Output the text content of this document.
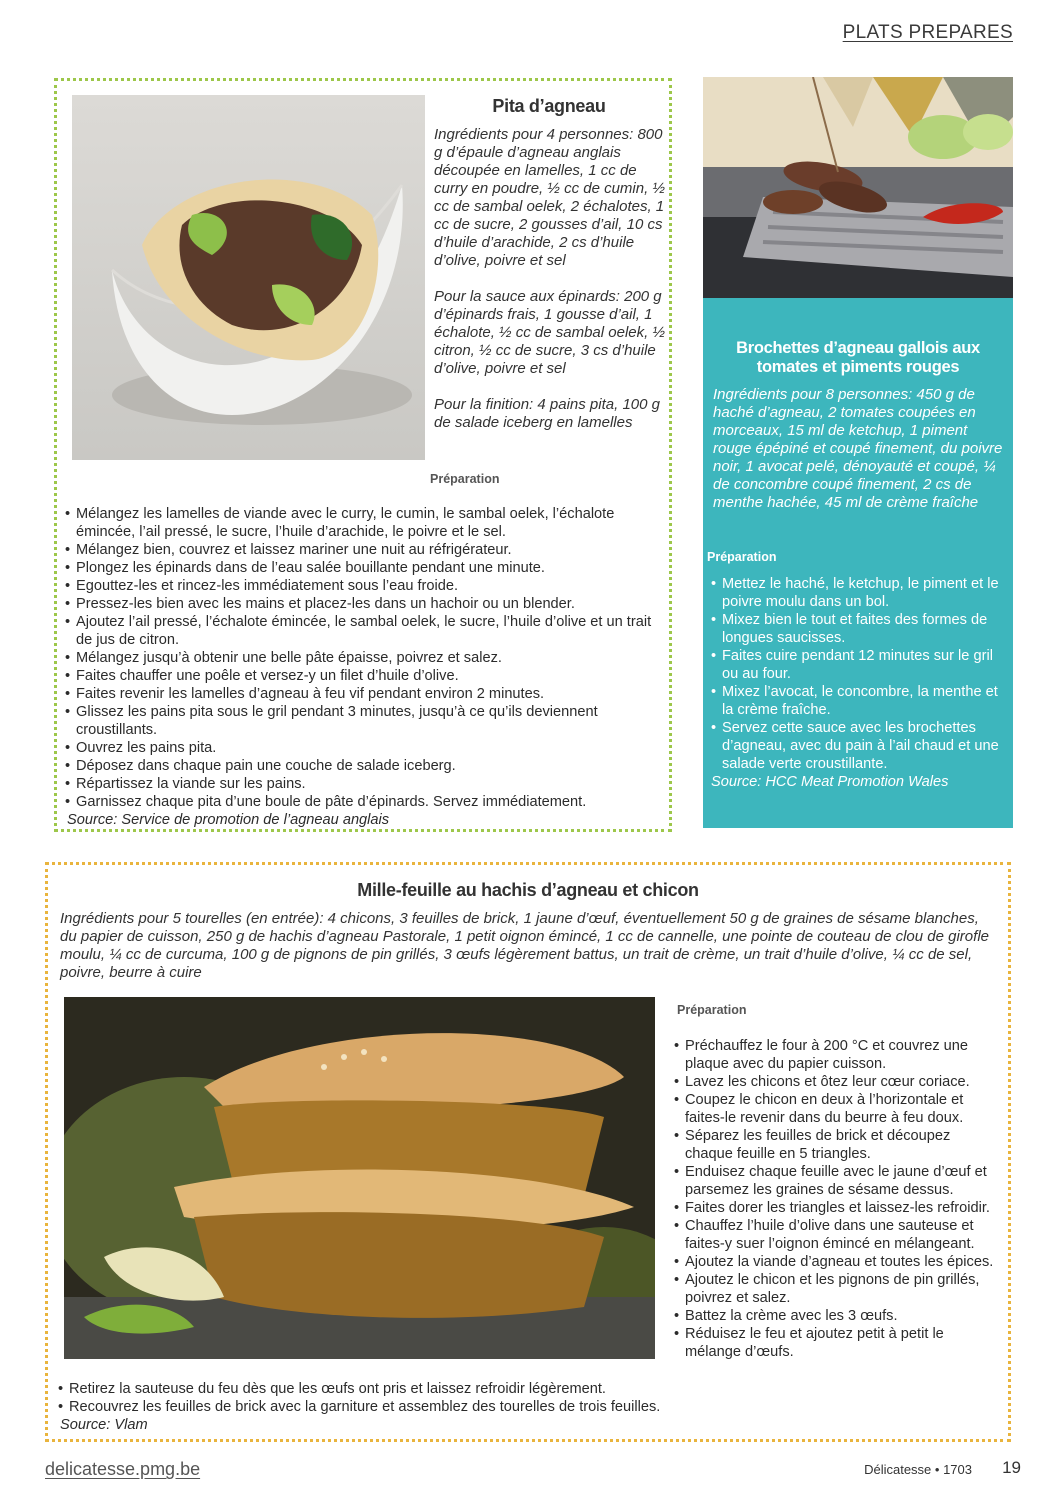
PLATS PREPARES
Pita d’agneau

Ingrédients pour 4 personnes: 800 g d’épaule d’agneau anglais découpée en lamelles, 1 cc de curry en poudre, ½ cc de cumin, ½ cc de sambal oelek, 2 échalotes, 1 cc de sucre, 2 gousses d’ail, 10 cs d’huile d’arachide, 2 cs d’huile d’olive, poivre et sel

Pour la sauce aux épinards: 200 g d’épinards frais, 1 gousse d’ail, 1 échalote, ½ cc de sambal oelek, ½ citron, ½ cc de sucre, 3 cs d’huile d’olive, poivre et sel

Pour la finition: 4 pains pita, 100 g de salade iceberg en lamelles

Préparation
• Mélangez les lamelles de viande avec le curry, le cumin, le sambal oelek, l’échalote émincée, l’ail pressé, le sucre, l’huile d’arachide, le poivre et le sel.
• Mélangez bien, couvrez et laissez mariner une nuit au réfrigérateur.
• Plongez les épinards dans de l’eau salée bouillante pendant une minute.
• Egouttez-les et rincez-les immédiatement sous l’eau froide.
• Pressez-les bien avec les mains et placez-les dans un hachoir ou un blender.
• Ajoutez l’ail pressé, l’échalote émincée, le sambal oelek, le sucre, l’huile d’olive et un trait de jus de citron.
• Mélangez jusqu’à obtenir une belle pâte épaisse, poivrez et salez.
• Faites chauffer une poêle et versez-y un filet d’huile d’olive.
• Faites revenir les lamelles d’agneau à feu vif pendant environ 2 minutes.
• Glissez les pains pita sous le gril pendant 3 minutes, jusqu’à ce qu’ils deviennent croustillants.
• Ouvrez les pains pita.
• Déposez dans chaque pain une couche de salade iceberg.
• Répartissez la viande sur les pains.
• Garnissez chaque pita d’une boule de pâte d’épinards. Servez immédiatement.
Source: Service de promotion de l’agneau anglais
Brochettes d’agneau gallois aux tomates et piments rouges
Ingrédients pour 8 personnes: 450 g de haché d’agneau, 2 tomates coupées en morceaux, 15 ml de ketchup, 1 piment rouge épépiné et coupé finement, du poivre noir, 1 avocat pelé, dénoyauté et coupé, ¼ de concombre coupé finement, 2 cs de menthe hachée, 45 ml de crème fraîche
Préparation
• Mettez le haché, le ketchup, le piment et le poivre moulu dans un bol.
• Mixez bien le tout et faites des formes de longues saucisses.
• Faites cuire pendant 12 minutes sur le gril ou au four.
• Mixez l’avocat, le concombre, la menthe et la crème fraîche.
• Servez cette sauce avec les brochettes d’agneau, avec du pain à l’ail chaud et une salade verte croustillante.
Source: HCC Meat Promotion Wales
Mille-feuille au hachis d’agneau et chicon
Ingrédients pour 5 tourelles (en entrée): 4 chicons, 3 feuilles de brick, 1 jaune d’œuf, éventuellement 50 g de graines de sésame blanches, du papier de cuisson, 250 g de hachis d’agneau Pastorale, 1 petit oignon émincé, 1 cc de cannelle, une pointe de couteau de clou de girofle moulu, ¼ cc de curcuma, 100 g de pignons de pin grillés, 3 œufs légèrement battus, un trait de crème, un trait d’huile d’olive, ¼ cc de sel, poivre, beurre à cuire
Préparation
• Préchauffez le four à 200 °C et couvrez une plaque avec du papier cuisson.
• Lavez les chicons et ôtez leur cœur coriace.
• Coupez le chicon en deux à l’horizontale et faites-le revenir dans du beurre à feu doux.
• Séparez les feuilles de brick et découpez chaque feuille en 5 triangles.
• Enduisez chaque feuille avec le jaune d’œuf et parsemez les graines de sésame dessus.
• Faites dorer les triangles et laissez-les refroidir.
• Chauffez l’huile d’olive dans une sauteuse et faites-y suer l’oignon émincé en mélangeant.
• Ajoutez la viande d’agneau et toutes les épices.
• Ajoutez le chicon et les pignons de pin grillés, poivrez et salez.
• Battez la crème avec les 3 œufs.
• Réduisez le feu et ajoutez petit à petit le mélange d’œufs.
• Retirez la sauteuse du feu dès que les œufs ont pris et laissez refroidir légèrement.
• Recouvrez les feuilles de brick avec la garniture et assemblez des tourelles de trois feuilles.
Source: Vlam
delicatesse.pmg.be	Délicatesse • 1703 19
